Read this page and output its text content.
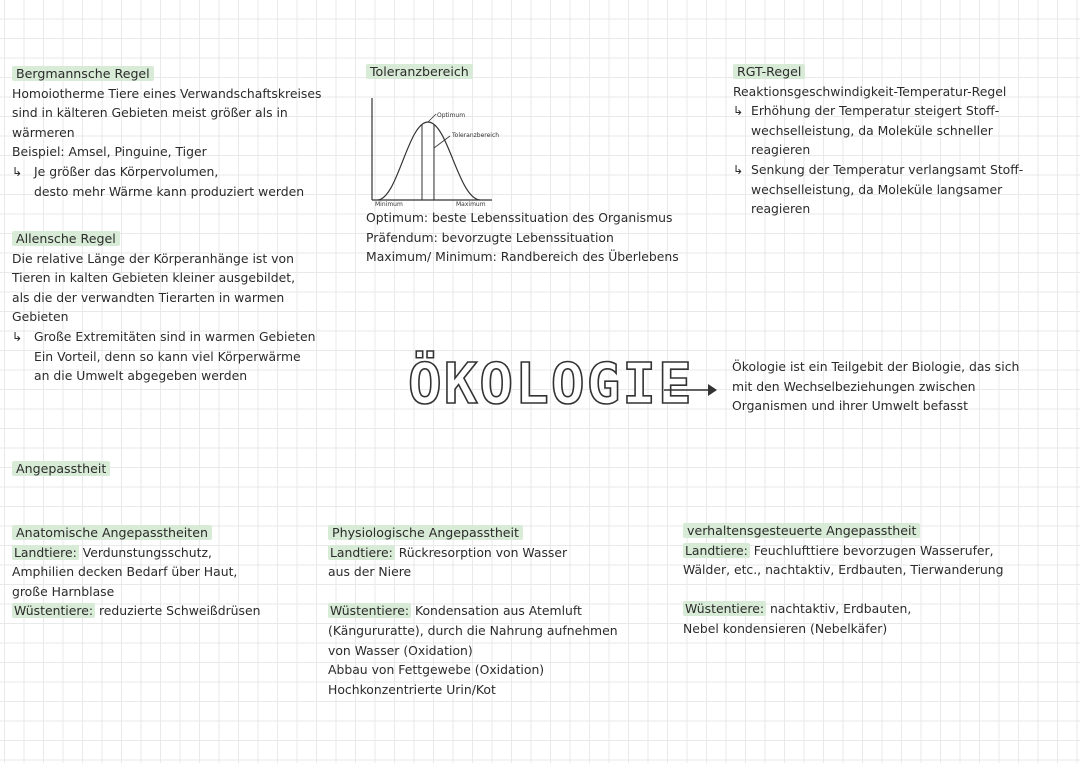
Bergmannsche Regel
Homoiotherme Tiere eines Verwandschaftskreises
sind in kälteren Gebieten meist größer als in
wärmeren
Beispiel: Amsel, Pinguine, Tiger
↳ Je größer das Körpervolumen,
desto mehr Wärme kann produziert werden
Allensche Regel
Die relative Länge der Körperanhänge ist von
Tieren in kalten Gebieten kleiner ausgebildet,
als die der verwandten Tierarten in warmen
Gebieten
↳ Große Extremitäten sind in warmen Gebieten
Ein Vorteil, denn so kann viel Körperwärme
an die Umwelt abgegeben werden
Toleranzbereich
Optimum
Toleranzbereich
Minimum	Maximum
Optimum: beste Lebenssituation des Organismus
Präfendum: bevorzugte Lebenssituation
Maximum/ Minimum: Randbereich des Überlebens
RGT-Regel
Reaktionsgeschwindigkeit-Temperatur-Regel
↳ Erhöhung der Temperatur steigert Stoff-
wechselleistung, da Moleküle schneller
reagieren
↳ Senkung der Temperatur verlangsamt Stoff-
wechselleistung, da Moleküle langsamer
reagieren
ÖKOLOGIE	Ökologie ist ein Teilgebit der Biologie, das sich
mit den Wechselbeziehungen zwischen
Organismen und ihrer Umwelt befasst
Angepasstheit
Anatomische Angepasstheiten
Landtiere: Verdunstungsschutz,
Amphilien decken Bedarf über Haut,
große Harnblase
Wüstentiere: reduzierte Schweißdrüsen
Physiologische Angepasstheit
Landtiere: Rückresorption von Wasser
aus der Niere
Wüstentiere: Kondensation aus Atemluft
(Kängururatte), durch die Nahrung aufnehmen
von Wasser (Oxidation)
Abbau von Fettgewebe (Oxidation)
Hochkonzentrierte Urin/Kot
verhaltensgesteuerte Angepasstheit
Landtiere: Feuchlufttiere bevorzugen Wasserufer,
Wälder, etc., nachtaktiv, Erdbauten, Tierwanderung
Wüstentiere: nachtaktiv, Erdbauten,
Nebel kondensieren (Nebelkäfer)
